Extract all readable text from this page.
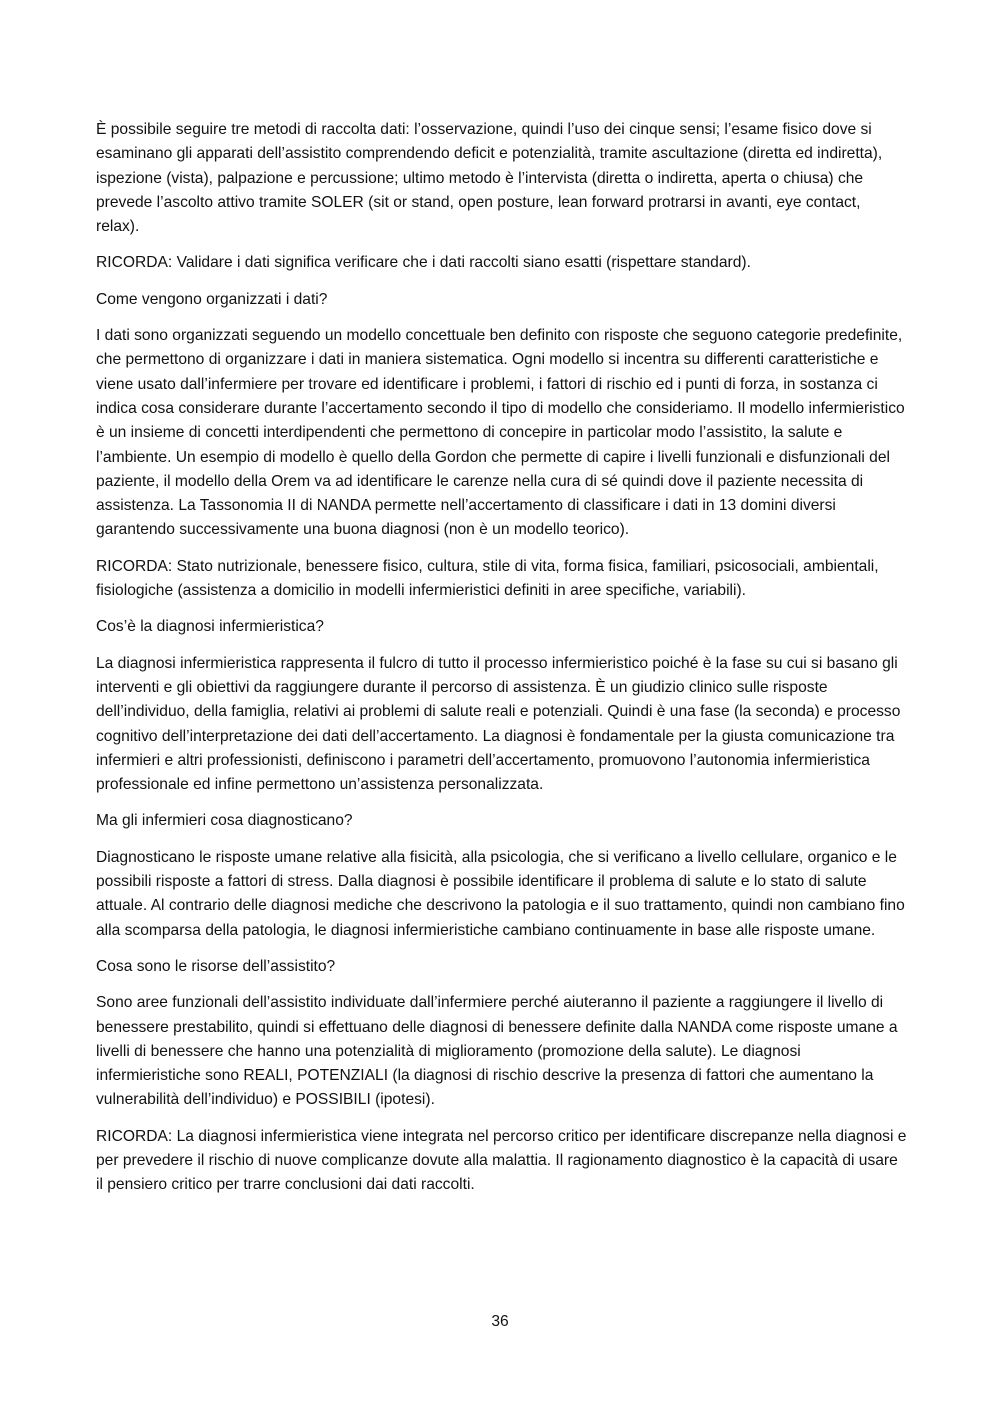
È possibile seguire tre metodi di raccolta dati: l’osservazione, quindi l’uso dei cinque sensi; l’esame fisico dove si esaminano gli apparati dell’assistito comprendendo deficit e potenzialità, tramite ascultazione (diretta ed indiretta), ispezione (vista), palpazione e percussione; ultimo metodo è l’intervista (diretta o indiretta, aperta o chiusa) che prevede l’ascolto attivo tramite SOLER (sit or stand, open posture, lean forward protrarsi in avanti, eye contact, relax).

RICORDA: Validare i dati significa verificare che i dati raccolti siano esatti (rispettare standard).

Come vengono organizzati i dati?

I dati sono organizzati seguendo un modello concettuale ben definito con risposte che seguono categorie predefinite, che permettono di organizzare i dati in maniera sistematica. Ogni modello si incentra su differenti caratteristiche e viene usato dall’infermiere per trovare ed identificare i problemi, i fattori di rischio ed i punti di forza, in sostanza ci indica cosa considerare durante l’accertamento secondo il tipo di modello che consideriamo. Il modello infermieristico è un insieme di concetti interdipendenti che permettono di concepire in particolar modo l’assistito, la salute e l’ambiente. Un esempio di modello è quello della Gordon che permette di capire i livelli funzionali e disfunzionali del paziente, il modello della Orem va ad identificare le carenze nella cura di sé quindi dove il paziente necessita di assistenza. La Tassonomia II di NANDA permette nell’accertamento di classificare i dati in 13 domini diversi garantendo successivamente una buona diagnosi (non è un modello teorico).

RICORDA: Stato nutrizionale, benessere fisico, cultura, stile di vita, forma fisica, familiari, psicosociali, ambientali, fisiologiche (assistenza a domicilio in modelli infermieristici definiti in aree specifiche, variabili).

Cos’è la diagnosi infermieristica?

La diagnosi infermieristica rappresenta il fulcro di tutto il processo infermieristico poiché è la fase su cui si basano gli interventi e gli obiettivi da raggiungere durante il percorso di assistenza. È un giudizio clinico sulle risposte dell’individuo, della famiglia, relativi ai problemi di salute reali e potenziali. Quindi è una fase (la seconda) e processo cognitivo dell’interpretazione dei dati dell’accertamento. La diagnosi è fondamentale per la giusta comunicazione tra infermieri e altri professionisti, definiscono i parametri dell’accertamento, promuovono l’autonomia infermieristica professionale ed infine permettono un’assistenza personalizzata.

Ma gli infermieri cosa diagnosticano?

Diagnosticano le risposte umane relative alla fisicità, alla psicologia, che si verificano a livello cellulare, organico e le possibili risposte a fattori di stress. Dalla diagnosi è possibile identificare il problema di salute e lo stato di salute attuale. Al contrario delle diagnosi mediche che descrivono la patologia e il suo trattamento, quindi non cambiano fino alla scomparsa della patologia, le diagnosi infermieristiche cambiano continuamente in base alle risposte umane.

Cosa sono le risorse dell’assistito?

Sono aree funzionali dell’assistito individuate dall’infermiere perché aiuteranno il paziente a raggiungere il livello di benessere prestabilito, quindi si effettuano delle diagnosi di benessere definite dalla NANDA come risposte umane a livelli di benessere che hanno una potenzialità di miglioramento (promozione della salute). Le diagnosi infermieristiche sono REALI, POTENZIALI (la diagnosi di rischio descrive la presenza di fattori che aumentano la vulnerabilità dell’individuo) e POSSIBILI (ipotesi).

RICORDA: La diagnosi infermieristica viene integrata nel percorso critico per identificare discrepanze nella diagnosi e per prevedere il rischio di nuove complicanze dovute alla malattia. Il ragionamento diagnostico è la capacità di usare il pensiero critico per trarre conclusioni dai dati raccolti.

36
